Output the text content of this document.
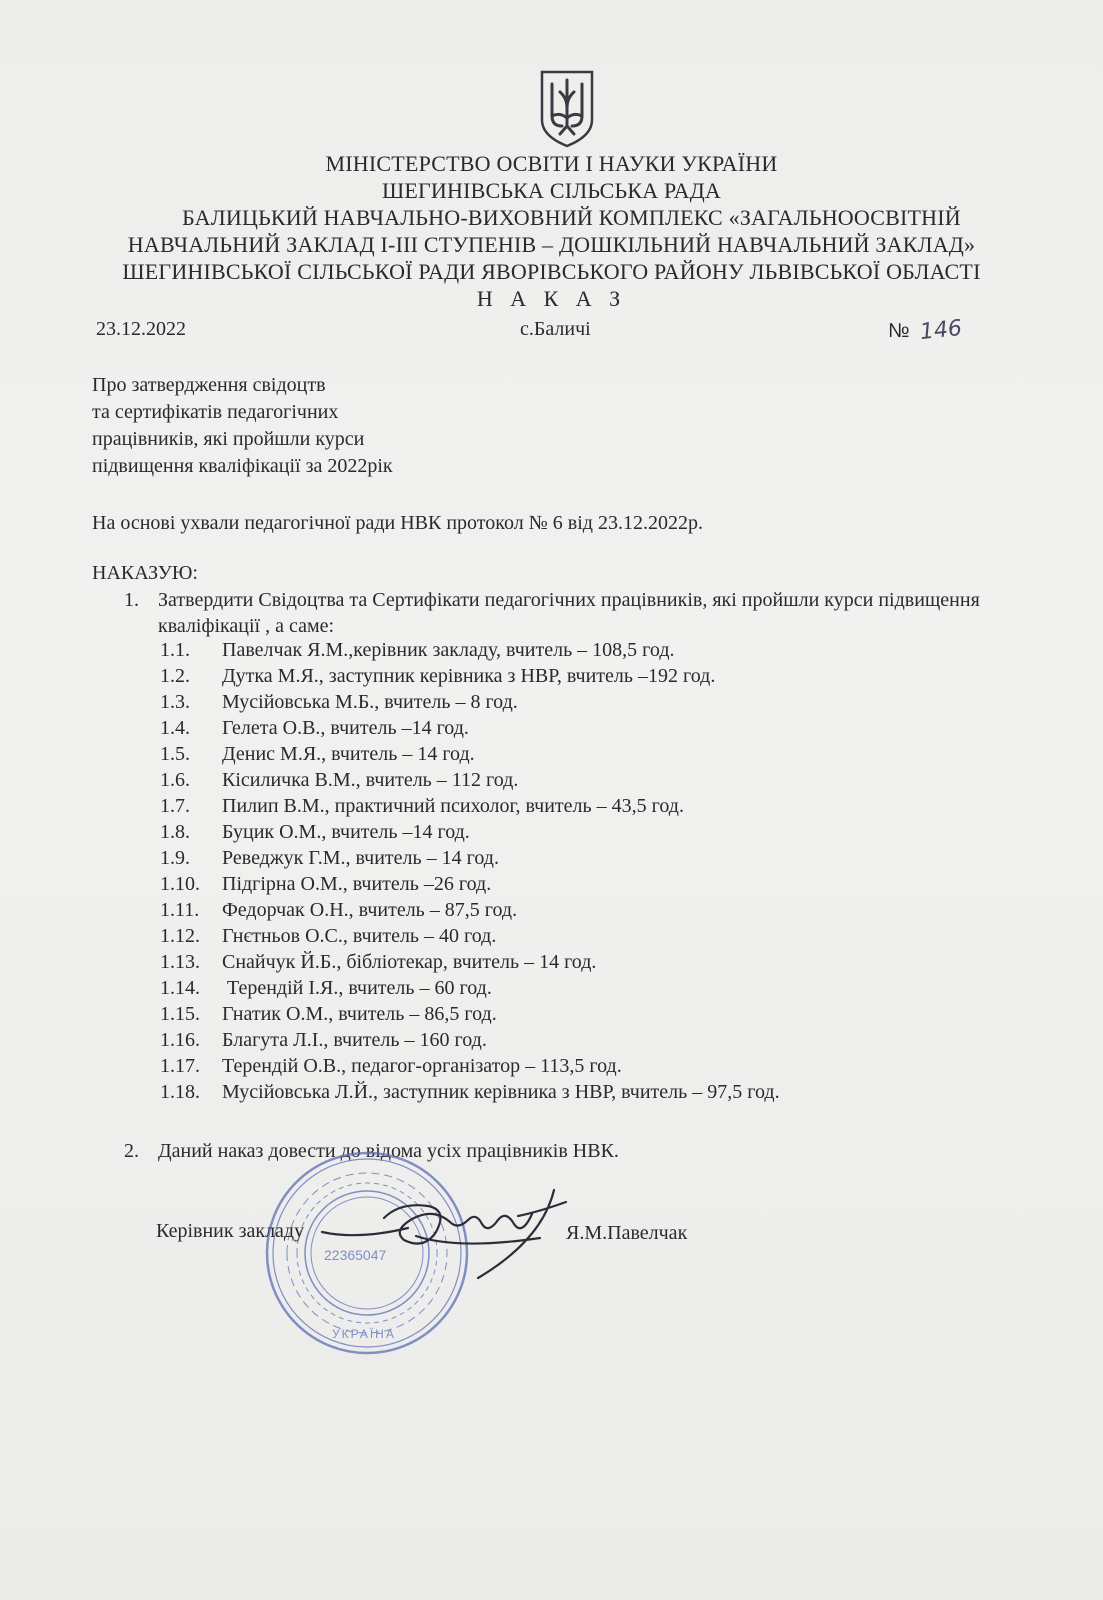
МІНІСТЕРСТВО ОСВІТИ І НАУКИ УКРАЇНИ
ШЕГИНІВСЬКА СІЛЬСЬКА РАДА
БАЛИЦЬКИЙ НАВЧАЛЬНО-ВИХОВНИЙ КОМПЛЕКС «ЗАГАЛЬНООСВІТНІЙ
НАВЧАЛЬНИЙ ЗАКЛАД І-ІІІ СТУПЕНІВ – ДОШКІЛЬНИЙ НАВЧАЛЬНИЙ ЗАКЛАД»
ШЕГИНІВСЬКОЇ СІЛЬСЬКОЇ РАДИ ЯВОРІВСЬКОГО РАЙОНУ ЛЬВІВСЬКОЇ ОБЛАСТІ
Н А К А З
23.12.2022	с.Баличі	№ 146
Про затвердження свідоцтв
та сертифікатів педагогічних
працівників, які пройшли курси
підвищення кваліфікації за 2022рік
На основі ухвали педагогічної ради НВК протокол № 6 від 23.12.2022р.
НАКАЗУЮ:
1. Затвердити Свідоцтва та Сертифікати педагогічних працівників, які пройшли курси підвищення кваліфікації , а саме:
1.1. Павелчак Я.М.,керівник закладу, вчитель – 108,5 год.
1.2. Дутка М.Я., заступник керівника з НВР, вчитель –192 год.
1.3. Мусійовська М.Б., вчитель – 8 год.
1.4. Гелета О.В., вчитель –14 год.
1.5. Денис М.Я., вчитель – 14 год.
1.6. Кісиличка В.М., вчитель – 112 год.
1.7. Пилип В.М., практичний психолог, вчитель – 43,5 год.
1.8. Буцик О.М., вчитель –14 год.
1.9. Реведжук Г.М., вчитель – 14 год.
1.10. Підгірна О.М., вчитель –26 год.
1.11. Федорчак О.Н., вчитель – 87,5 год.
1.12. Гнєтньов О.С., вчитель – 40 год.
1.13. Снайчук Й.Б., бібліотекар, вчитель – 14 год.
1.14. Терендій І.Я., вчитель – 60 год.
1.15. Гнатик О.М., вчитель – 86,5 год.
1.16. Благута Л.І., вчитель – 160 год.
1.17. Терендій О.В., педагог-організатор – 113,5 год.
1.18. Мусійовська Л.Й., заступник керівника з НВР, вчитель – 97,5 год.
2. Даний наказ довести до відома усіх працівників НВК.
22365047
УКРАЇНА
Керівник закладу	Я.М.Павелчак
